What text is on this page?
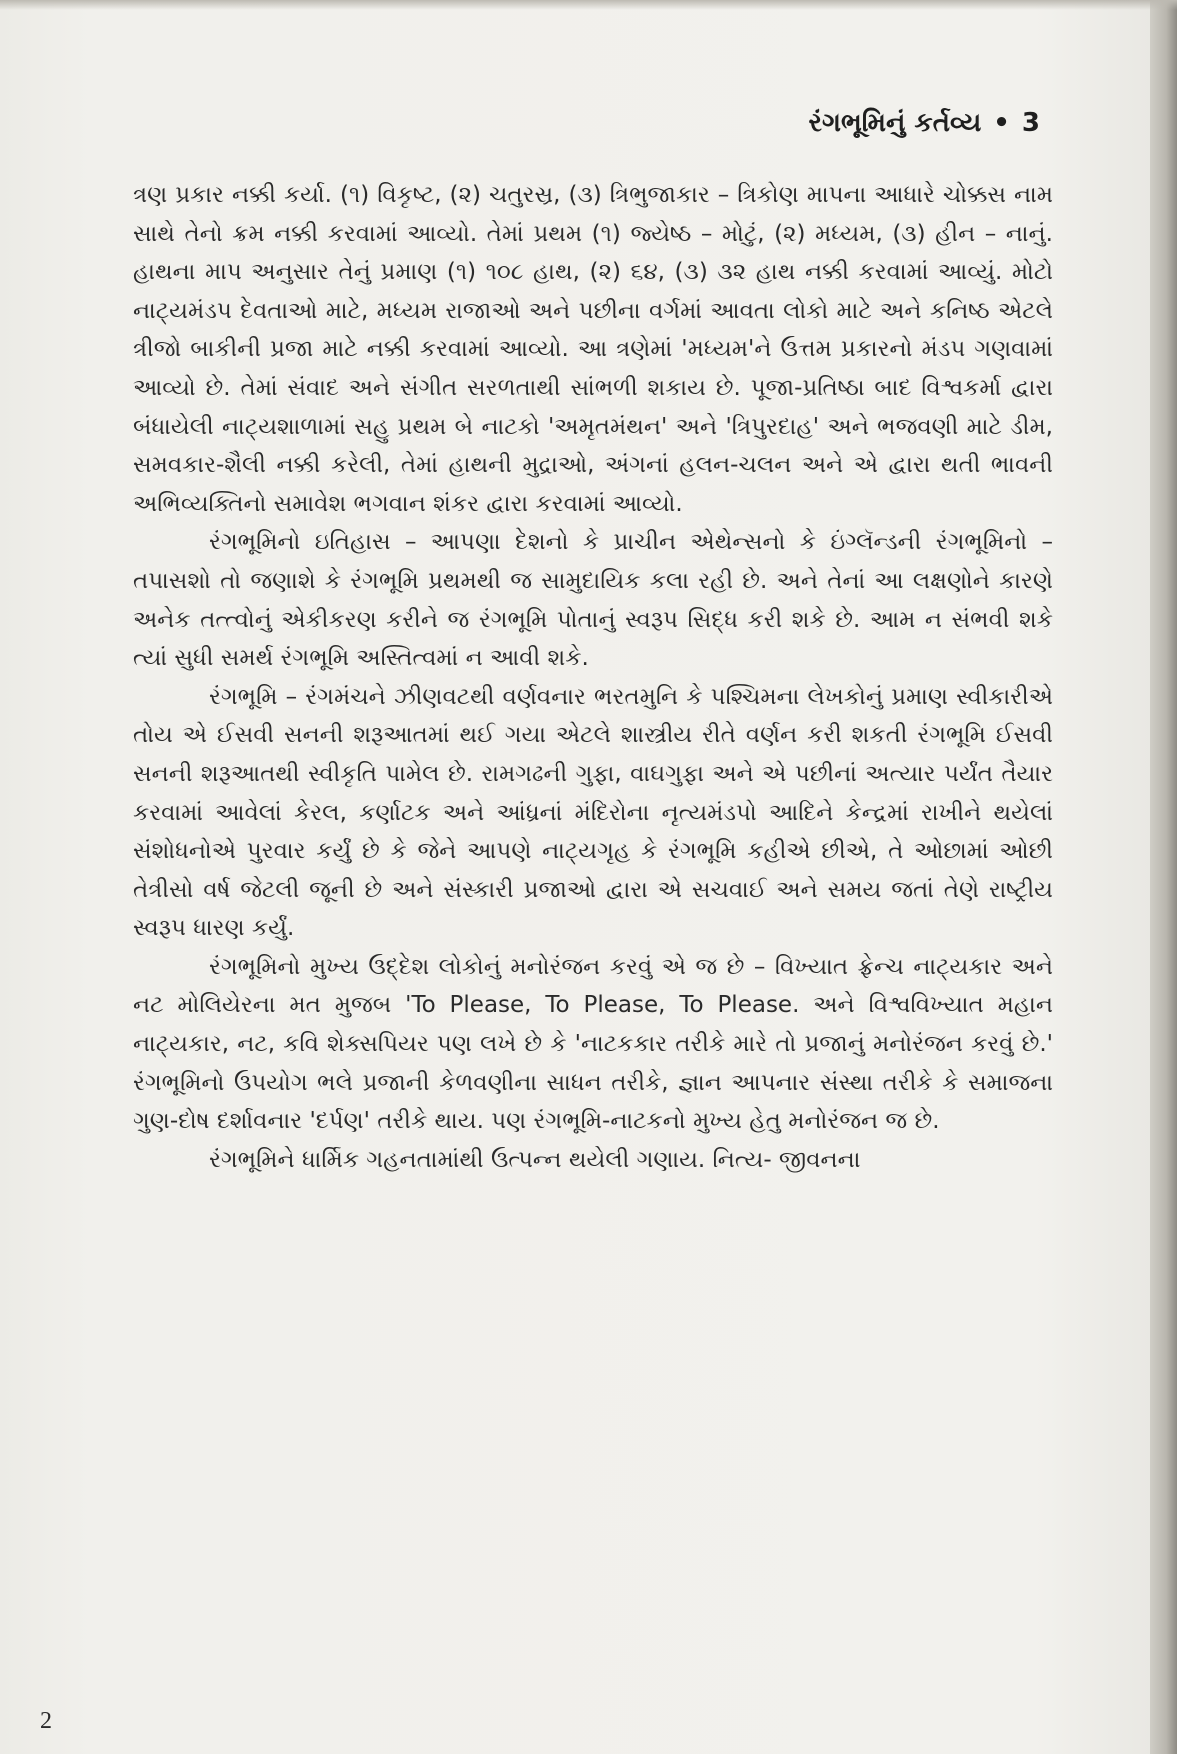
રંગભૂમિનું કર્તવ્ય • 3

ત્રણ પ્રકાર નક્કી કર્યા. (૧) વિકૃષ્ટ, (૨) ચતુરસ્ર, (૩) ત્રિભુજાકાર – ત્રિકોણ માપના આધારે ચોક્કસ નામ સાથે તેનો ક્રમ નક્કી કરવામાં આવ્યો. તેમાં પ્રથમ (૧) જ્યેષ્ઠ – મોટું, (૨) મધ્યમ, (૩) હીન – નાનું. હાથના માપ અનુસાર તેનું પ્રમાણ (૧) ૧૦૮ હાથ, (૨) ૬૪, (૩) ૩૨ હાથ નક્કી કરવામાં આવ્યું. મોટો નાટ્યમંડપ દેવતાઓ માટે, મધ્યમ રાજાઓ અને પછીના વર્ગમાં આવતા લોકો માટે અને કનિષ્ઠ એટલે ત્રીજો બાકીની પ્રજા માટે નક્કી કરવામાં આવ્યો. આ ત્રણેમાં 'મધ્યમ'ને ઉત્તમ પ્રકારનો મંડપ ગણવામાં આવ્યો છે. તેમાં સંવાદ અને સંગીત સરળતાથી સાંભળી શકાય છે. પૂજા-પ્રતિષ્ઠા બાદ વિશ્વકર્મા દ્વારા બંધાયેલી નાટ્યશાળામાં સહુ પ્રથમ બે નાટકો 'અમૃતમંથન' અને 'ત્રિપુરદાહ' અને ભજવણી માટે ડીમ, સમવકાર-શૈલી નક્કી કરેલી, તેમાં હાથની મુદ્રાઓ, અંગનાં હલન-ચલન અને એ દ્વારા થતી ભાવની અભિવ્યક્તિનો સમાવેશ ભગવાન શંકર દ્વારા કરવામાં આવ્યો.

રંગભૂમિનો ઇતિહાસ – આપણા દેશનો કે પ્રાચીન એથેન્સનો કે ઇંગ્લૅન્ડની રંગભૂમિનો – તપાસશો તો જણાશે કે રંગભૂમિ પ્રથમથી જ સામુદાયિક કલા રહી છે. અને તેનાં આ લક્ષણોને કારણે અનેક તત્ત્વોનું એકીકરણ કરીને જ રંગભૂમિ પોતાનું સ્વરૂપ સિદ્ધ કરી શકે છે. આમ ન સંભવી શકે ત્યાં સુધી સમર્થ રંગભૂમિ અસ્તિત્વમાં ન આવી શકે.

રંગભૂમિ – રંગમંચને ઝીણવટથી વર્ણવનાર ભરતમુનિ કે પશ્ચિમના લેખકોનું પ્રમાણ સ્વીકારીએ તોય એ ઈસવી સનની શરૂઆતમાં થઈ ગયા એટલે શાસ્ત્રીય રીતે વર્ણન કરી શકતી રંગભૂમિ ઈસવી સનની શરૂઆતથી સ્વીકૃતિ પામેલ છે. રામગઢની ગુફા, વાઘગુફા અને એ પછીનાં અત્યાર પર્યંત તૈયાર કરવામાં આવેલાં કેરલ, કર્ણાટક અને આંધ્રનાં મંદિરોના નૃત્યમંડપો આદિને કેન્દ્રમાં રાખીને થયેલાં સંશોધનોએ પુરવાર કર્યું છે કે જેને આપણે નાટ્યગૃહ કે રંગભૂમિ કહીએ છીએ, તે ઓછામાં ઓછી તેત્રીસો વર્ષ જેટલી જૂની છે અને સંસ્કારી પ્રજાઓ દ્વારા એ સચવાઈ અને સમય જતાં તેણે રાષ્ટ્રીય સ્વરૂપ ધારણ કર્યું.

રંગભૂમિનો મુખ્ય ઉદ્દેશ લોકોનું મનોરંજન કરવું એ જ છે – વિખ્યાત ફ્રેન્ચ નાટ્યકાર અને નટ મોલિયેરના મત મુજબ 'To Please, To Please, To Please. અને વિશ્વવિખ્યાત મહાન નાટ્યકાર, નટ, કવિ શેક્સપિયર પણ લખે છે કે 'નાટકકાર તરીકે મારે તો પ્રજાનું મનોરંજન કરવું છે.' રંગભૂમિનો ઉપયોગ ભલે પ્રજાની કેળવણીના સાધન તરીકે, જ્ઞાન આપનાર સંસ્થા તરીકે કે સમાજના ગુણ-દોષ દર્શાવનાર 'દર્પણ' તરીકે થાય. પણ રંગભૂમિ-નાટકનો મુખ્ય હેતુ મનોરંજન જ છે.

રંગભૂમિને ધાર્મિક ગહનતામાંથી ઉત્પન્ન થયેલી ગણાય. નિત્ય- જીવનના

2
